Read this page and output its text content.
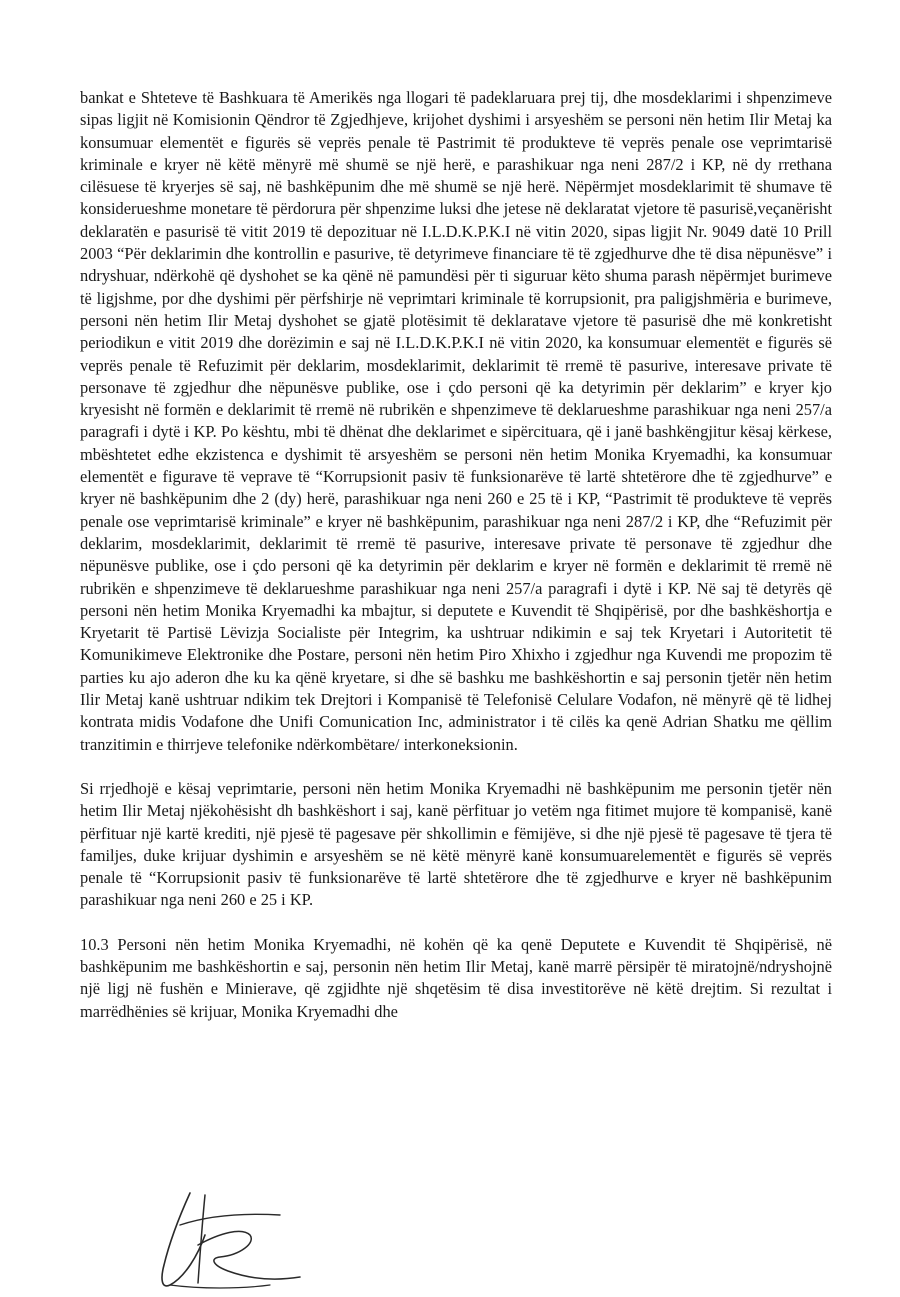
bankat e Shteteve të Bashkuara të Amerikës nga llogari të padeklaruara prej tij, dhe mosdeklarimi i shpenzimeve sipas ligjit në Komisionin Qëndror të Zgjedhjeve, krijohet dyshimi i arsyeshëm se personi nën hetim Ilir Metaj ka konsumuar elementët e figurës së veprës penale të Pastrimit të produkteve të veprës penale ose veprimtarisë kriminale e kryer në këtë mënyrë më shumë se një herë, e parashikuar nga neni 287/2 i KP, në dy rrethana cilësuese të kryerjes së saj, në bashkëpunim dhe më shumë se një herë. Nëpërmjet mosdeklarimit të shumave të konsiderueshme monetare të përdorura për shpenzime luksi dhe jetese në deklaratat vjetore të pasurisë,veçanërisht deklaratën e pasurisë të vitit 2019 të depozituar në I.L.D.K.P.K.I në vitin 2020, sipas ligjit Nr. 9049 datë 10 Prill 2003 “Për deklarimin dhe kontrollin e pasurive, të detyrimeve financiare të të zgjedhurve dhe të disa nëpunësve” i ndryshuar, ndërkohë që dyshohet se ka qënë në pamundësi për ti siguruar këto shuma parash nëpërmjet burimeve të ligjshme, por dhe dyshimi për përfshirje në veprimtari kriminale të korrupsionit, pra paligjshmëria e burimeve, personi nën hetim Ilir Metaj dyshohet se gjatë plotësimit të deklaratave vjetore të pasurisë dhe më konkretisht periodikun e vitit 2019 dhe dorëzimin e saj në I.L.D.K.P.K.I në vitin 2020, ka konsumuar elementët e figurës së veprës penale të Refuzimit për deklarim, mosdeklarimit, deklarimit të rremë të pasurive, interesave private të personave të zgjedhur dhe nëpunësve publike, ose i çdo personi që ka detyrimin për deklarim” e kryer kjo kryesisht në formën e deklarimit të rremë në rubrikën e shpenzimeve të deklarueshme parashikuar nga neni 257/a paragrafi i dytë i KP. Po kështu, mbi të dhënat dhe deklarimet e sipërcituara, që i janë bashkëngjitur kësaj kërkese, mbështetet edhe ekzistenca e dyshimit të arsyeshëm se personi nën hetim Monika Kryemadhi, ka konsumuar elementët e figurave të veprave të “Korrupsionit pasiv të funksionarëve të lartë shtetërore dhe të zgjedhurve” e kryer në bashkëpunim dhe 2 (dy) herë, parashikuar nga neni 260 e 25 të i KP, “Pastrimit të produkteve të veprës penale ose veprimtarisë kriminale” e kryer në bashkëpunim, parashikuar nga neni 287/2 i KP, dhe “Refuzimit për deklarim, mosdeklarimit, deklarimit të rremë të pasurive, interesave private të personave të zgjedhur dhe nëpunësve publike, ose i çdo personi që ka detyrimin për deklarim e kryer në formën e deklarimit të rremë në rubrikën e shpenzimeve të deklarueshme parashikuar nga neni 257/a paragrafi i dytë i KP. Në saj të detyrës që personi nën hetim Monika Kryemadhi ka mbajtur, si deputete e Kuvendit të Shqipërisë, por dhe bashkëshortja e Kryetarit të Partisë Lëvizja Socialiste për Integrim, ka ushtruar ndikimin e saj tek Kryetari i Autoritetit të Komunikimeve Elektronike dhe Postare, personi nën hetim Piro Xhixho i zgjedhur nga Kuvendi me propozim të parties ku ajo aderon dhe ku ka qënë kryetare, si dhe së bashku me bashkëshortin e saj personin tjetër nën hetim Ilir Metaj kanë ushtruar ndikim tek Drejtori i Kompanisë të Telefonisë Celulare Vodafon, në mënyrë që të lidhej kontrata midis Vodafone dhe Unifi Comunication Inc, administrator i të cilës ka qenë Adrian Shatku me qëllim tranzitimin e thirrjeve telefonike ndërkombëtare/ interkoneksionin.

Si rrjedhojë e kësaj veprimtarie, personi nën hetim Monika Kryemadhi në bashkëpunim me personin tjetër nën hetim Ilir Metaj njëkohësisht dh bashkëshort i saj, kanë përfituar jo vetëm nga fitimet mujore të kompanisë, kanë përfituar një kartë krediti, një pjesë të pagesave për shkollimin e fëmijëve, si dhe një pjesë të pagesave të tjera të familjes, duke krijuar dyshimin e arsyeshëm se në këtë mënyrë kanë konsumuarelementët e figurës së veprës penale të “Korrupsionit pasiv të funksionarëve të lartë shtetërore dhe të zgjedhurve e kryer në bashkëpunim parashikuar nga neni 260 e 25 i KP.

10.3 Personi nën hetim Monika Kryemadhi, në kohën që ka qenë Deputete e Kuvendit të Shqipërisë, në bashkëpunim me bashkëshortin e saj, personin nën hetim Ilir Metaj, kanë marrë përsipër të miratojnë/ndryshojnë një ligj në fushën e Minierave, që zgjidhte një shqetësim të disa investitorëve në këtë drejtim. Si rezultat i marrëdhënies së krijuar, Monika Kryemadhi dhe
